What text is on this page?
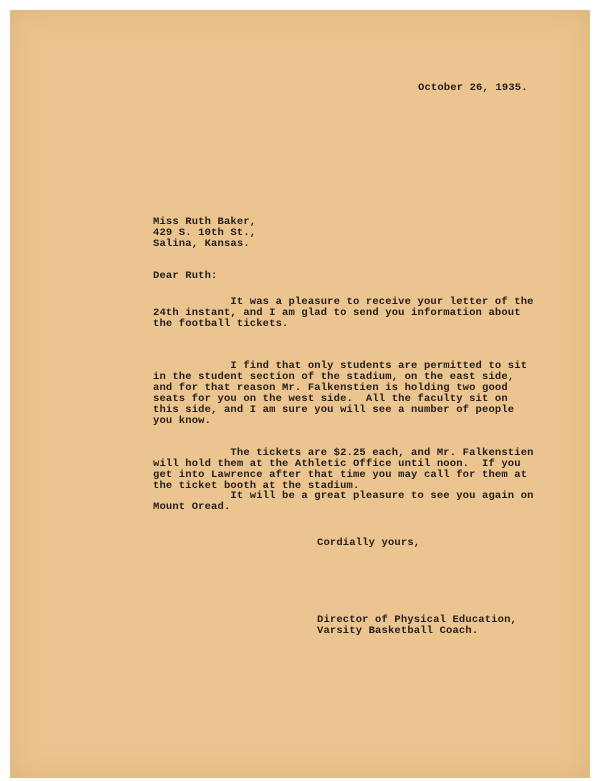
October 26, 1935.
Miss Ruth Baker,
429 S. 10th St.,
Salina, Kansas.
Dear Ruth:
It was a pleasure to receive your letter of the
24th instant, and I am glad to send you information about
the football tickets.
I find that only students are permitted to sit
in the student section of the stadium, on the east side,
and for that reason Mr. Falkenstien is holding two good
seats for you on the west side.  All the faculty sit on
this side, and I am sure you will see a number of people
you know.
The tickets are $2.25 each, and Mr. Falkenstien
will hold them at the Athletic Office until noon.  If you
get into Lawrence after that time you may call for them at
the ticket booth at the stadium.
It will be a great pleasure to see you again on
Mount Oread.
Cordially yours,
Director of Physical Education,
Varsity Basketball Coach.
